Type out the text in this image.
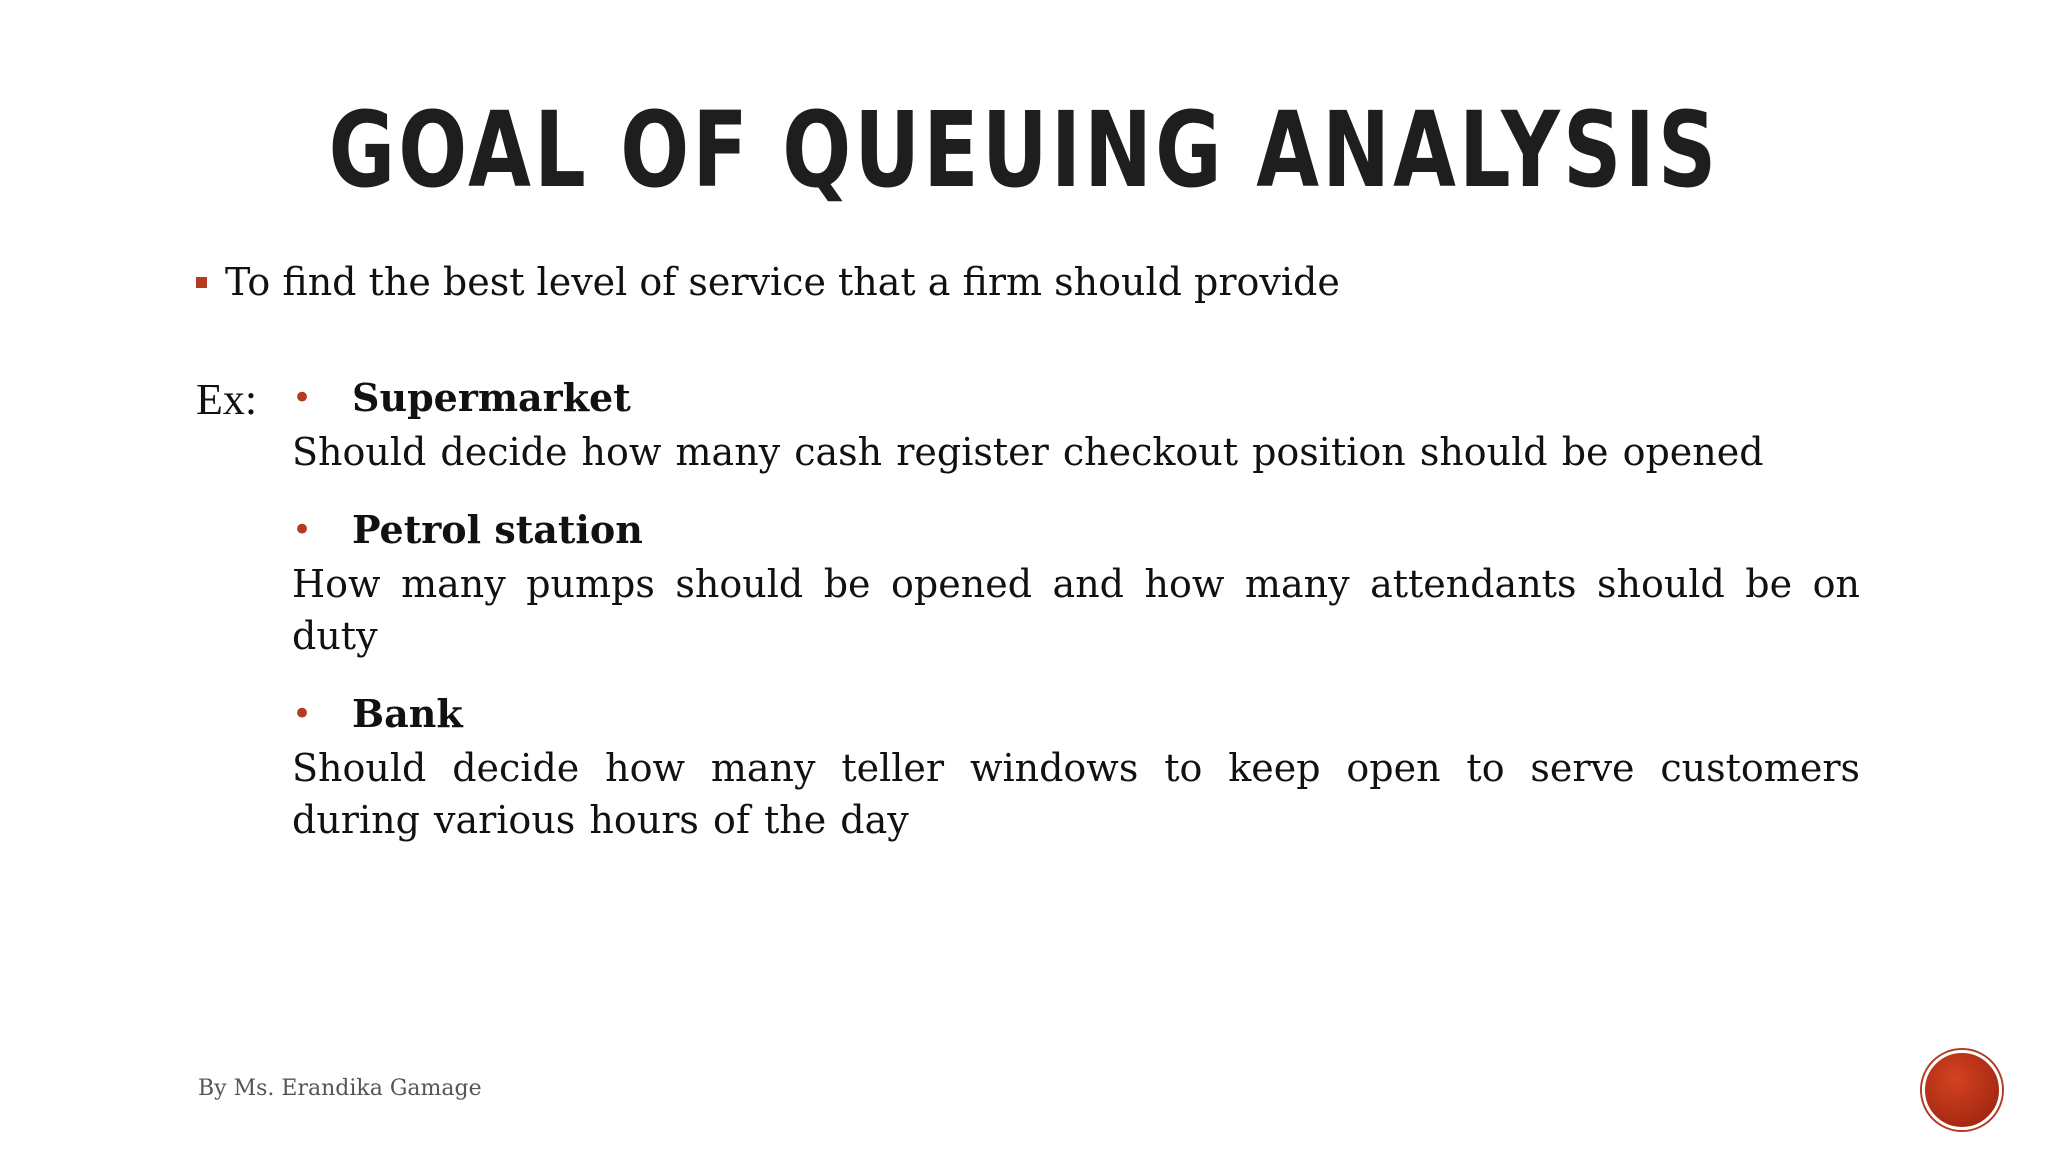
GOAL OF QUEUING ANALYSIS
To find the best level of service that a firm should provide
Ex: •	Supermarket
Should decide how many cash register checkout position should be opened
•	Petrol station
How many pumps should be opened and how many attendants should be on duty
•	Bank
Should decide how many teller windows to keep open to serve customers during various hours of the day
By Ms. Erandika Gamage
